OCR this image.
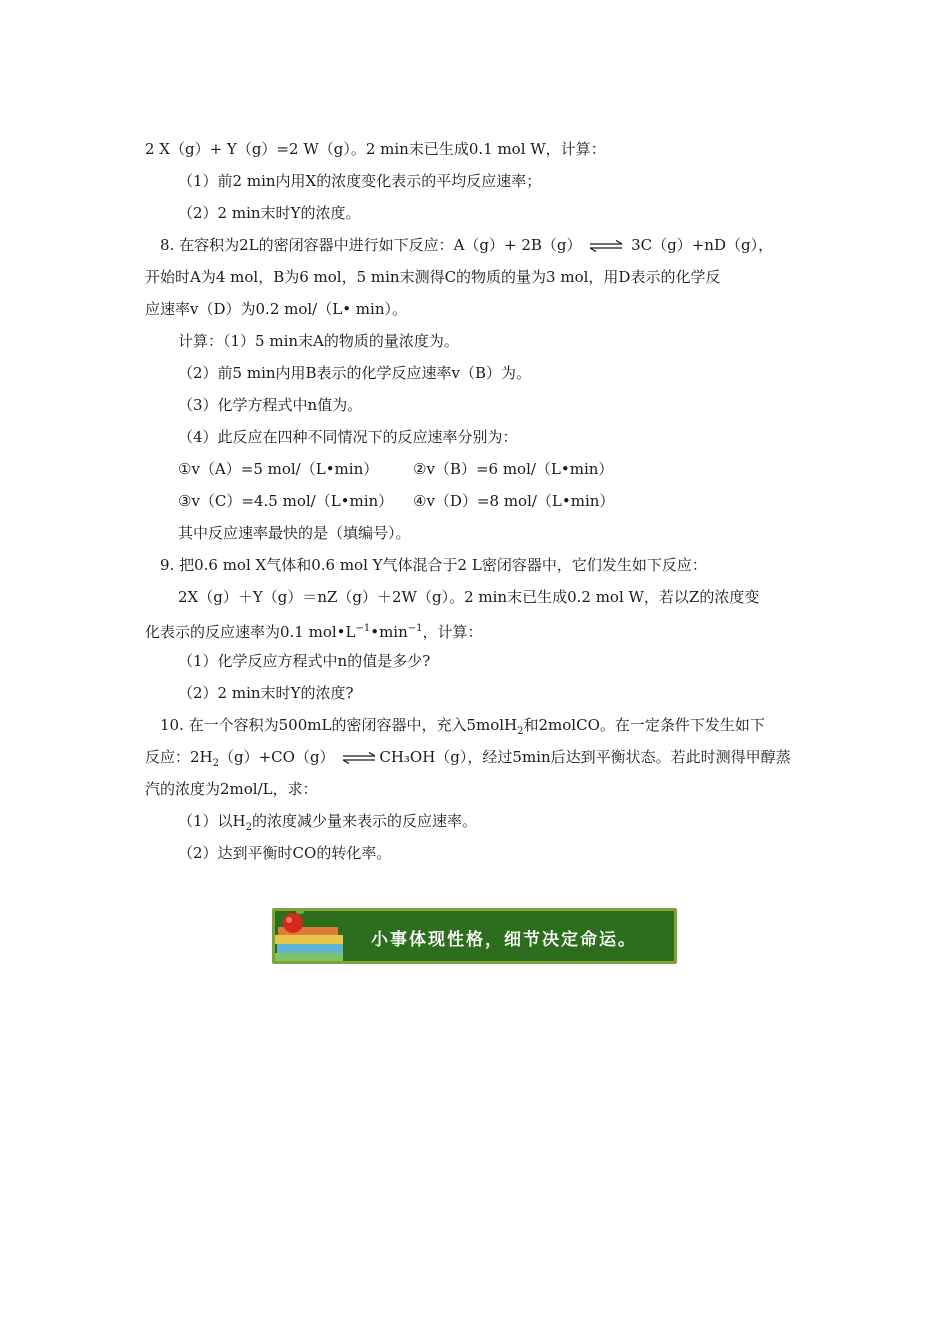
2 X（g）+ Y（g）=2 W（g）。2 min末已生成0.1 mol W，计算：
（1）前2 min内用X的浓度变化表示的平均反应速率；
（2）2 min末时Y的浓度。
8. 在容积为2L的密闭容器中进行如下反应：A（g）+ 2B（g） ⇌ 3C（g）+nD（g），
开始时A为4 mol，B为6 mol，5 min末测得C的物质的量为3 mol，用D表示的化学反
应速率v（D）为0.2 mol/（L• min）。
计算：（1）5 min末A的物质的量浓度为。
（2）前5 min内用B表示的化学反应速率v（B）为。
（3）化学方程式中n值为。
（4）此反应在四种不同情况下的反应速率分别为：
①v（A）=5 mol/（L•min） ②v（B）=6 mol/（L•min）
③v（C）=4.5 mol/（L•min） ④v（D）=8 mol/（L•min）
其中反应速率最快的是（填编号）。
9. 把0.6 mol X气体和0.6 mol Y气体混合于2 L密闭容器中，它们发生如下反应：
2X（g）＋Y（g）＝nZ（g）＋2W（g）。2 min末已生成0.2 mol W，若以Z的浓度变
化表示的反应速率为0.1 $mol•L^{-1}•\min^{-1}$，计算：
（1）化学反应方程式中n的值是多少?
（2）2 min末时Y的浓度?
10. 在一个容积为500mL的密闭容器中，充入5molH$_2$和2molCO。在一定条件下发生如下
反应：$2H_2(g)+CO(g)$ ⇌ CH₃OH（g），经过5min后达到平衡状态。若此时测得甲醇蒸
汽的浓度为2mol/L，求：
（1）以$H_2$的浓度减少量来表示的反应速率。
（2）达到平衡时CO的转化率。
小事体现性格，细节决定命运。
